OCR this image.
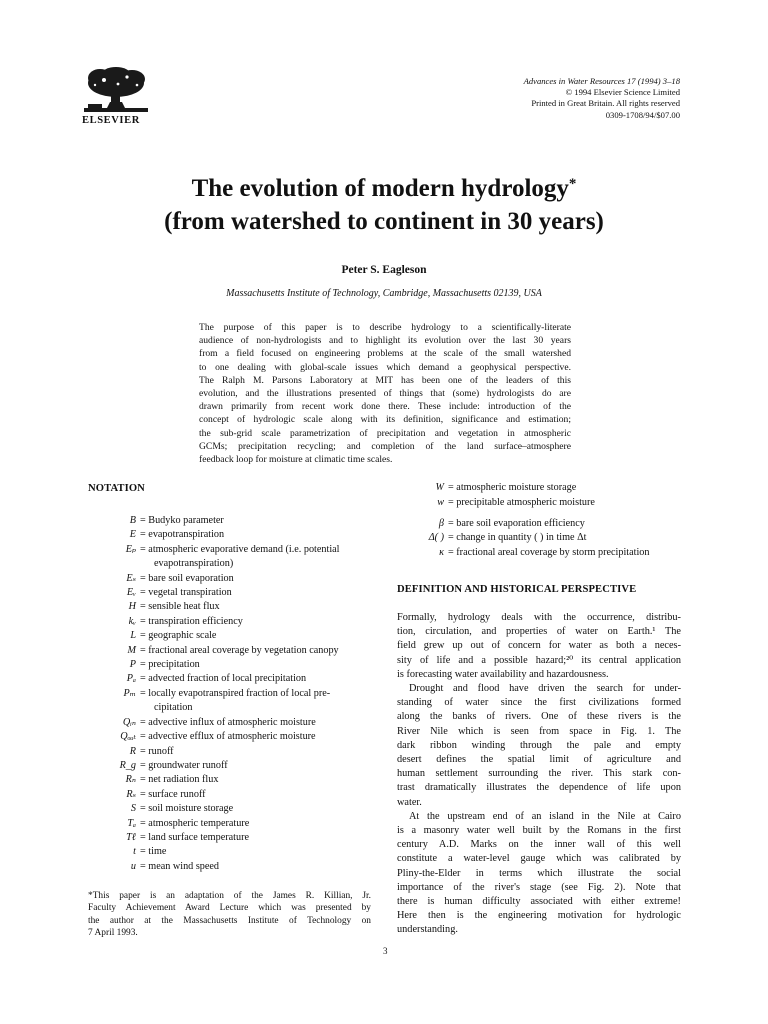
ELSEVIER
Advances in Water Resources 17 (1994) 3–18
© 1994 Elsevier Science Limited
Printed in Great Britain. All rights reserved
0309-1708/94/$07.00
The evolution of modern hydrology*
(from watershed to continent in 30 years)
Peter S. Eagleson
Massachusetts Institute of Technology, Cambridge, Massachusetts 02139, USA
The purpose of this paper is to describe hydrology to a scientifically-literate
audience of non-hydrologists and to highlight its evolution over the last 30 years
from a field focused on engineering problems at the scale of the small watershed
to one dealing with global-scale issues which demand a geophysical perspective.
The Ralph M. Parsons Laboratory at MIT has been one of the leaders of this
evolution, and the illustrations presented of things that (some) hydrologists do are
drawn primarily from recent work done there. These include: introduction of the
concept of hydrologic scale along with its definition, significance and estimation;
the sub-grid scale parametrization of precipitation and vegetation in atmospheric
GCMs; precipitation recycling; and completion of the land surface–atmosphere
feedback loop for moisture at climatic time scales.
NOTATION
B = Budyko parameter
E = evapotranspiration
Eₚ = atmospheric evaporative demand (i.e. potential
evapotranspiration)
Eₛ = bare soil evaporation
Eᵥ = vegetal transpiration
H = sensible heat flux
kᵥ = transpiration efficiency
L = geographic scale
M = fractional areal coverage by vegetation canopy
P = precipitation
Pₐ = advected fraction of local precipitation
Pₘ = locally evapotranspired fraction of local pre-
cipitation
Qᵢₙ = advective influx of atmospheric moisture
Qₒᵤₜ = advective efflux of atmospheric moisture
R = runoff
R_g = groundwater runoff
Rₙ = net radiation flux
Rₛ = surface runoff
S = soil moisture storage
Tₐ = atmospheric temperature
Tℓ = land surface temperature
t = time
u = mean wind speed
W = atmospheric moisture storage
w = precipitable atmospheric moisture
β = bare soil evaporation efficiency
Δ( ) = change in quantity ( ) in time Δt
κ = fractional areal coverage by storm precipitation
*This paper is an adaptation of the James R. Killian, Jr.
Faculty Achievement Award Lecture which was presented by
the author at the Massachusetts Institute of Technology on
7 April 1993.
DEFINITION AND HISTORICAL PERSPECTIVE
Formally, hydrology deals with the occurrence, distribu-
tion, circulation, and properties of water on Earth.¹ The
field grew up out of concern for water as both a neces-
sity of life and a possible hazard;²⁰ its central application
is forecasting water availability and hazardousness.
Drought and flood have driven the search for under-
standing of water since the first civilizations formed
along the banks of rivers. One of these rivers is the
River Nile which is seen from space in Fig. 1. The
dark ribbon winding through the pale and empty
desert defines the spatial limit of agriculture and
human settlement surrounding the river. This stark con-
trast dramatically illustrates the dependence of life upon
water.
At the upstream end of an island in the Nile at Cairo
is a masonry water well built by the Romans in the first
century A.D. Marks on the inner wall of this well
constitute a water-level gauge which was calibrated by
Pliny-the-Elder in terms which illustrate the social
importance of the river's stage (see Fig. 2). Note that
there is human difficulty associated with either extreme!
Here then is the engineering motivation for hydrologic
understanding.
3
